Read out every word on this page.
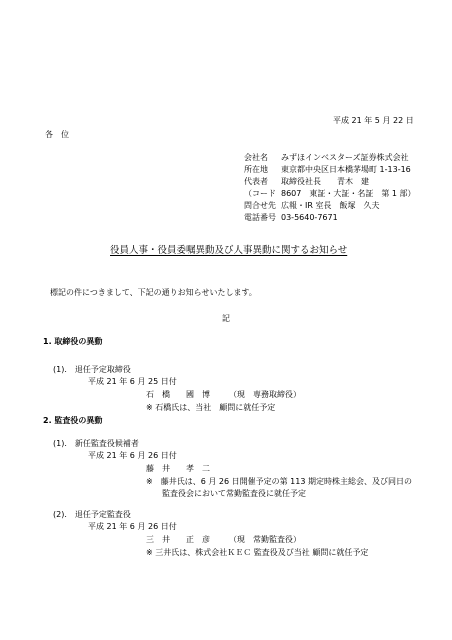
平成 21 年 5 月 22 日
各　位
会社名 みずほインベスターズ証券株式会社
所在地 東京都中央区日本橋茅場町 1-13-16
代表者 取締役社長　　青木　建
（コード 8607　東証・大証・名証　第 1 部）
問合せ先 広報・IR 室長　飯塚　久夫
電話番号 03-5640-7671
役員人事・役員委嘱異動及び人事異動に関するお知らせ
標記の件につきまして、下記の通りお知らせいたします。
記
1. 取締役の異動
(1).　退任予定取締役
平成 21 年 6 月 25 日付
石　橋　　國　博 （現　専務取締役）
※ 石橋氏は、当社　顧問に就任予定
2. 監査役の異動
(1).　新任監査役候補者
平成 21 年 6 月 26 日付
藤　井　　孝　二
※　藤井氏は、6 月 26 日開催予定の第 113 期定時株主総会、及び同日の
監査役会において常勤監査役に就任予定
(2).　退任予定監査役
平成 21 年 6 月 26 日付
三　井　　正　彦 （現　常勤監査役）
※ 三井氏は、株式会社ＫＥＣ 監査役及び当社 顧問に就任予定
